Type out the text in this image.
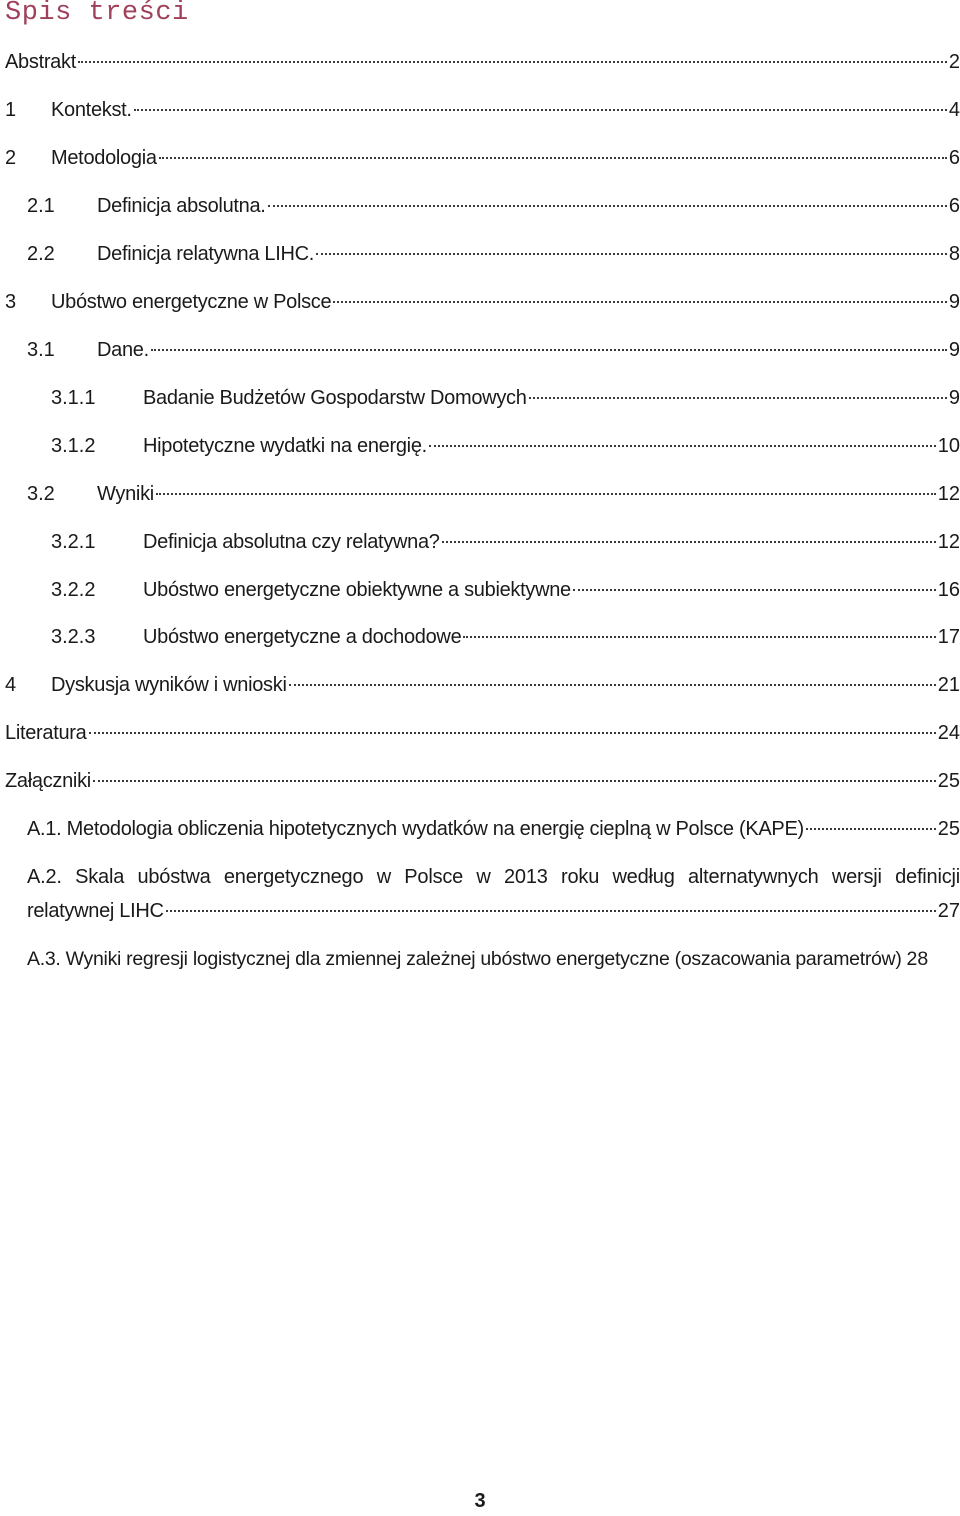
Spis treści
Abstrakt	2
1 Kontekst.	4
2 Metodologia	6
2.1 Definicja absolutna.	6
2.2 Definicja relatywna LIHC.	8
3 Ubóstwo energetyczne w Polsce	9
3.1 Dane.	9
3.1.1 Badanie Budżetów Gospodarstw Domowych	9
3.1.2 Hipotetyczne wydatki na energię.	10
3.2 Wyniki	12
3.2.1 Definicja absolutna czy relatywna?	12
3.2.2 Ubóstwo energetyczne obiektywne a subiektywne	16
3.2.3 Ubóstwo energetyczne a dochodowe	17
4 Dyskusja wyników i wnioski	21
Literatura	24
Załączniki	25
A.1. Metodologia obliczenia hipotetycznych wydatków na energię cieplną w Polsce (KAPE)	25
A.2. Skala ubóstwa energetycznego w Polsce w 2013 roku według alternatywnych wersji definicji
relatywnej LIHC	27
A.3. Wyniki regresji logistycznej dla zmiennej zależnej ubóstwo energetyczne (oszacowania parametrów) 28
3
